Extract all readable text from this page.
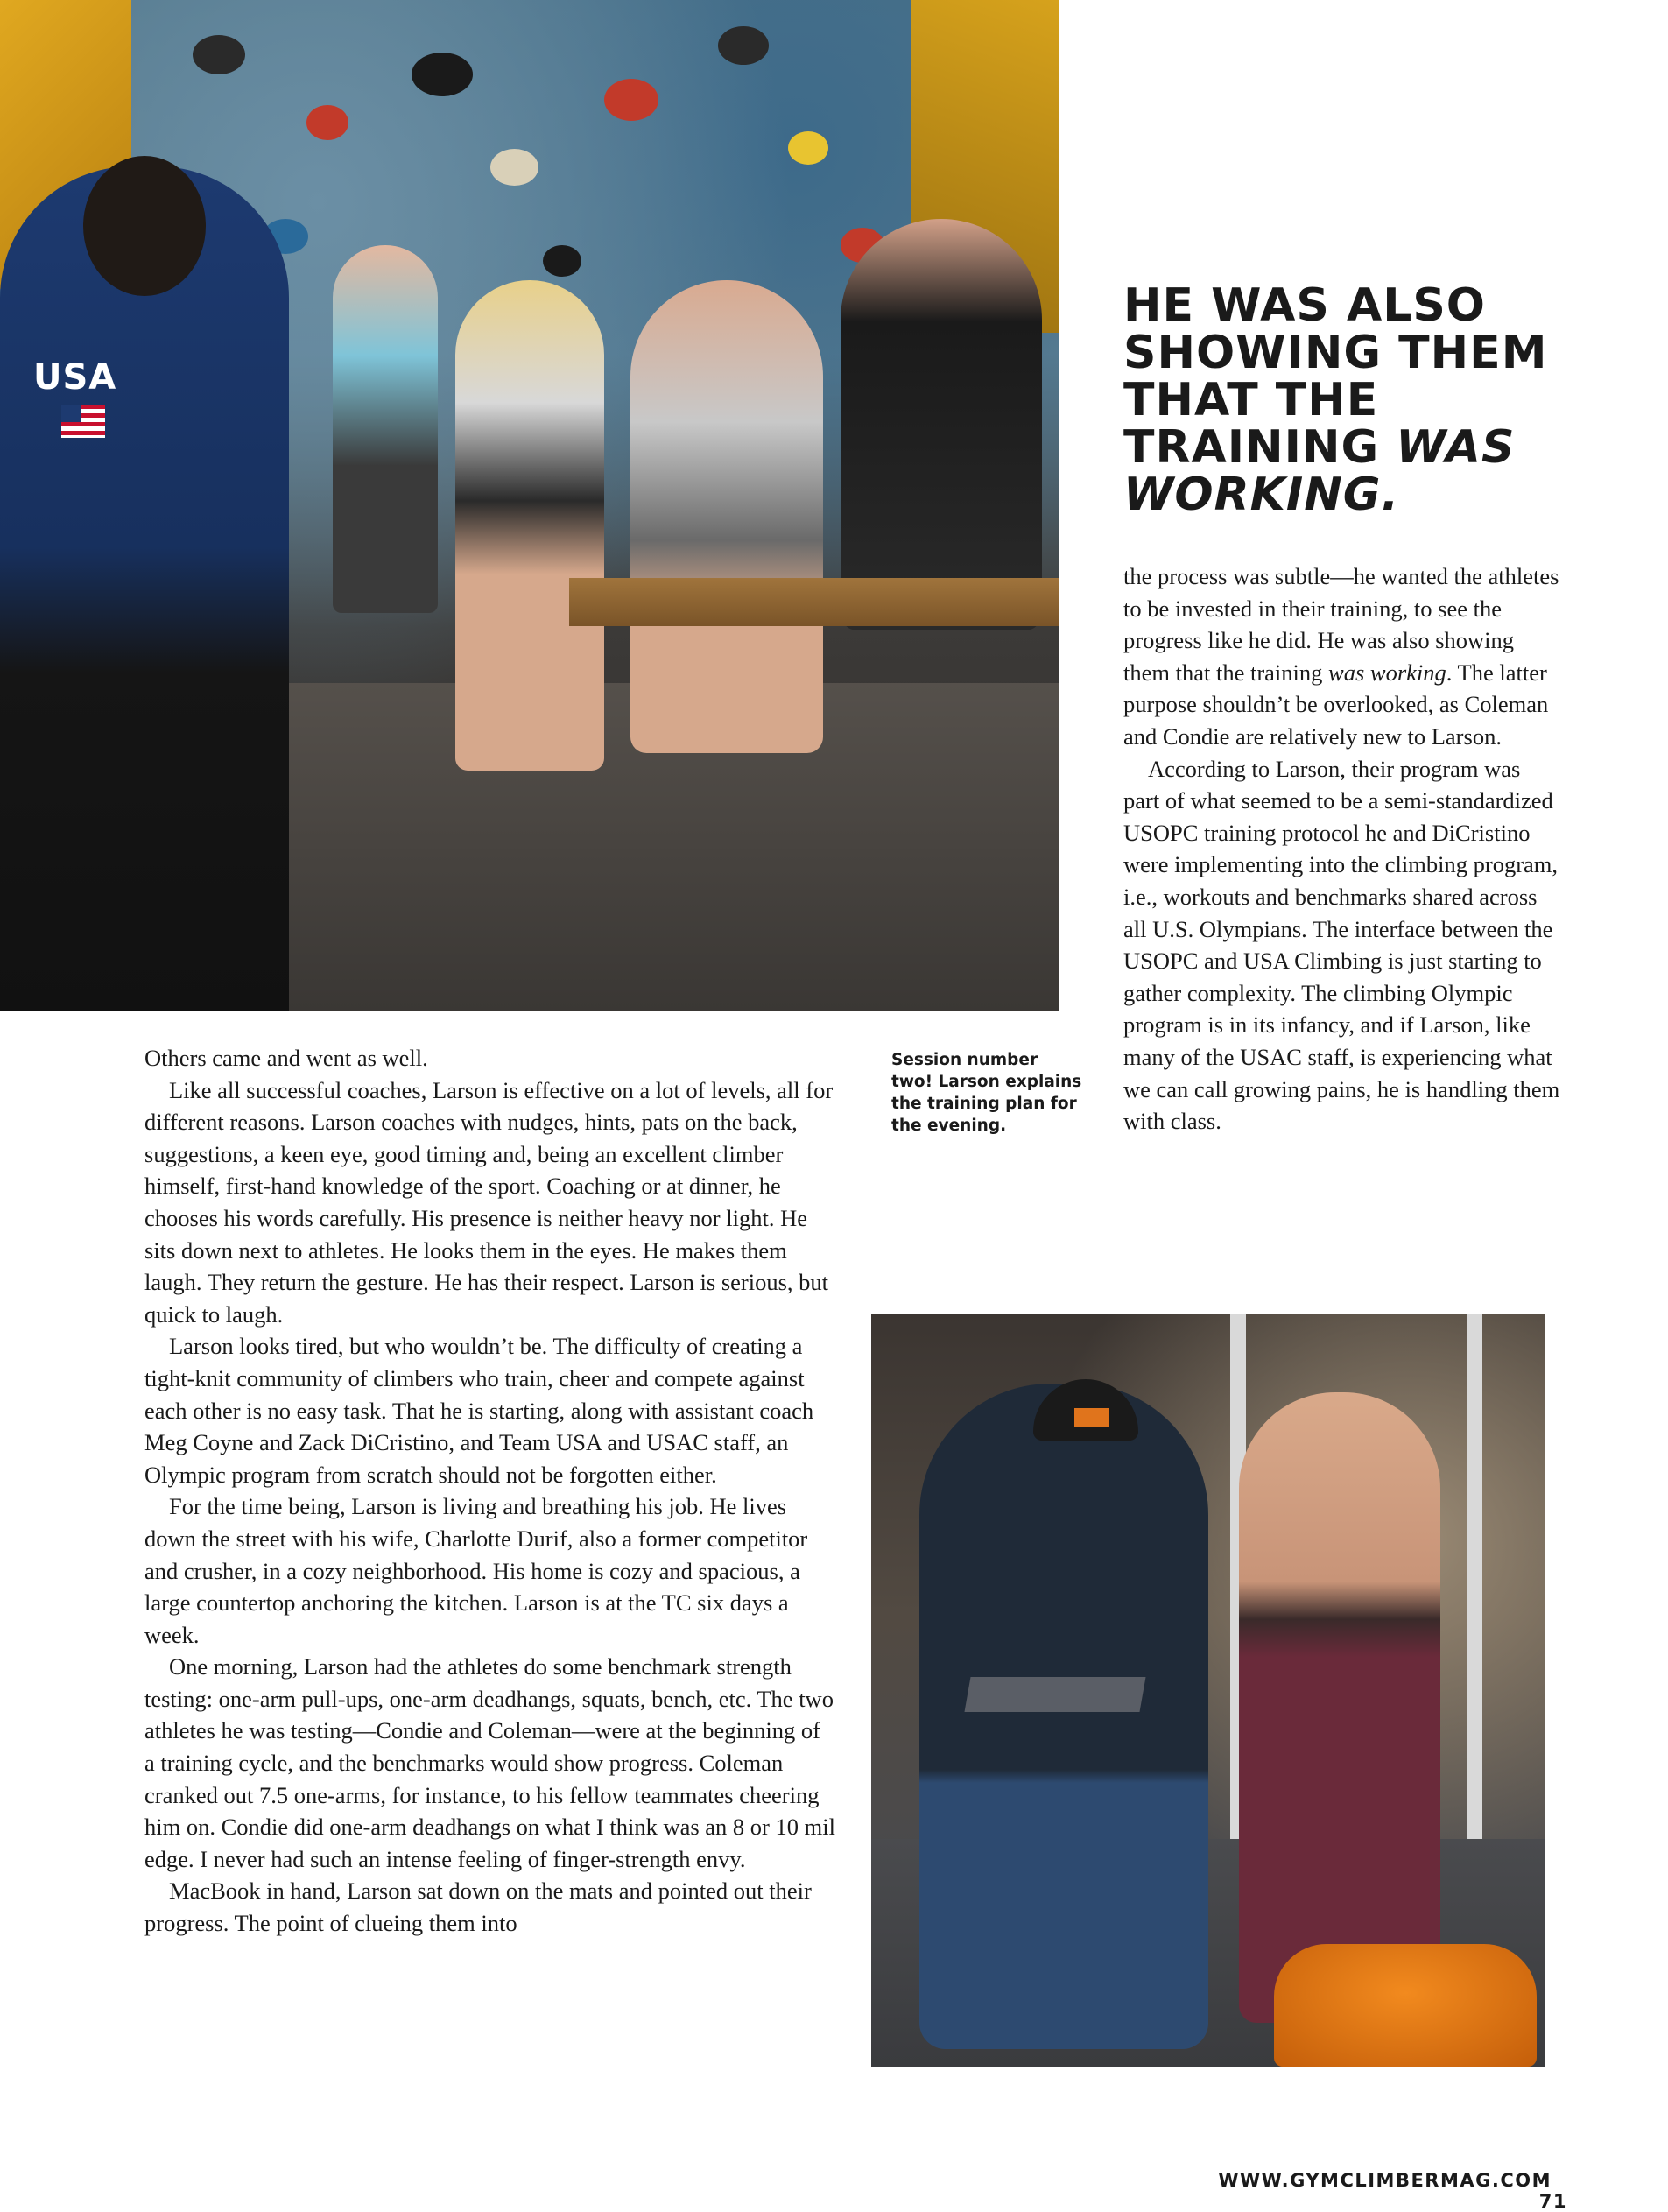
USA
HE WAS ALSO SHOWING THEM THAT THE TRAINING WAS WORKING.

the process was subtle—he wanted the athletes to be invested in their training, to see the progress like he did. He was also showing them that the training was working. The latter purpose shouldn’t be overlooked, as Coleman and Condie are relatively new to Larson.

According to Larson, their program was part of what seemed to be a semi-standardized USOPC training protocol he and DiCristino were implementing into the climbing program, i.e., workouts and benchmarks shared across all U.S. Olympians. The interface between the USOPC and USA Climbing is just starting to gather complexity. The climbing Olympic program is in its infancy, and if Larson, like many of the USAC staff, is experiencing what we can call growing pains, he is handling them with class.

Session number two! Larson explains the training plan for the evening.

Others came and went as well.

Like all successful coaches, Larson is effective on a lot of levels, all for different reasons. Larson coaches with nudges, hints, pats on the back, suggestions, a keen eye, good timing and, being an excellent climber himself, first-hand knowledge of the sport. Coaching or at dinner, he chooses his words carefully. His presence is neither heavy nor light. He sits down next to athletes. He looks them in the eyes. He makes them laugh. They return the gesture. He has their respect. Larson is serious, but quick to laugh.

Larson looks tired, but who wouldn’t be. The difficulty of creating a tight-knit community of climbers who train, cheer and compete against each other is no easy task. That he is starting, along with assistant coach Meg Coyne and Zack DiCristino, and Team USA and USAC staff, an Olympic program from scratch should not be forgotten either.

For the time being, Larson is living and breathing his job. He lives down the street with his wife, Charlotte Durif, also a former competitor and crusher, in a cozy neighborhood. His home is cozy and spacious, a large countertop anchoring the kitchen. Larson is at the TC six days a week.

One morning, Larson had the athletes do some benchmark strength testing: one-arm pull-ups, one-arm deadhangs, squats, bench, etc. The two athletes he was testing—Condie and Coleman—were at the beginning of a training cycle, and the benchmarks would show progress. Coleman cranked out 7.5 one-arms, for instance, to his fellow teammates cheering him on. Condie did one-arm deadhangs on what I think was an 8 or 10 mil edge. I never had such an intense feeling of finger-strength envy.

MacBook in hand, Larson sat down on the mats and pointed out their progress. The point of clueing them into

WWW.GYMCLIMBERMAG.COM71
